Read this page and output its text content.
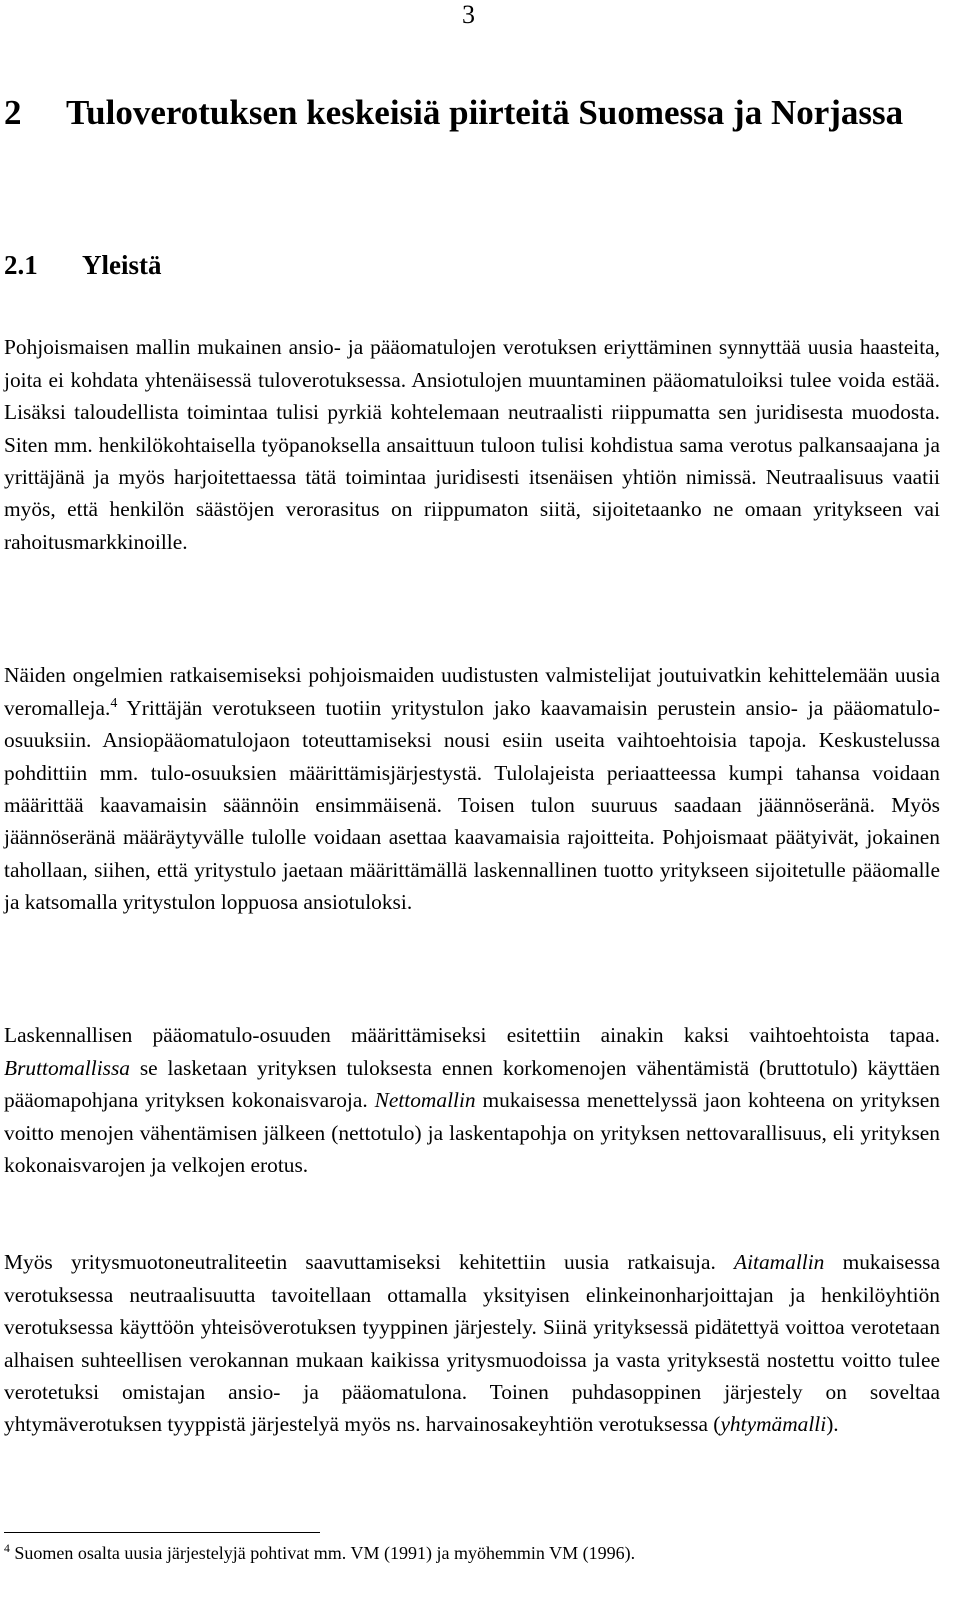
3
2 Tuloverotuksen keskeisiä piirteitä Suomessa ja Norjassa
2.1 Yleistä

Pohjoismaisen mallin mukainen ansio- ja pääomatulojen verotuksen eriyttäminen synnyttää uusia haasteita, joita ei kohdata yhtenäisessä tuloverotuksessa. Ansiotulojen muuntaminen pääomatuloiksi tulee voida estää. Lisäksi taloudellista toimintaa tulisi pyrkiä kohtelemaan neutraalisti riippumatta sen juridisesta muodosta. Siten mm. henkilökohtaisella työpanoksella ansaittuun tuloon tulisi kohdistua sama verotus palkansaajana ja yrittäjänä ja myös harjoitettaessa tätä toimintaa juridisesti itsenäisen yhtiön nimissä. Neutraalisuus vaatii myös, että henkilön säästöjen verorasitus on riippumaton siitä, sijoitetaanko ne omaan yritykseen vai rahoitusmarkkinoille.

Näiden ongelmien ratkaisemiseksi pohjoismaiden uudistusten valmistelijat joutuivatkin kehittelemään uusia veromalleja.$^4$ Yrittäjän verotukseen tuotiin yritystulon jako kaavamaisin perustein ansio- ja pääomatulo-osuuksiin. Ansiopääomatulojaon toteuttamiseksi nousi esiin useita vaihtoehtoisia tapoja. Keskustelussa pohdittiin mm. tulo-osuuksien määrittämisjärjestystä. Tulolajeista periaatteessa kumpi tahansa voidaan määrittää kaavamaisin säännöin ensimmäisenä. Toisen tulon suuruus saadaan jäännöseränä. Myös jäännöseränä määräytyvälle tulolle voidaan asettaa kaavamaisia rajoitteita. Pohjoismaat päätyivät, jokainen tahollaan, siihen, että yritystulo jaetaan määrittämällä laskennallinen tuotto yritykseen sijoitetulle pääomalle ja katsomalla yritystulon loppuosa ansiotuloksi.

Laskennallisen pääomatulo-osuuden määrittämiseksi esitettiin ainakin kaksi vaihtoehtoista tapaa. Bruttomallissa se lasketaan yrityksen tuloksesta ennen korkomenojen vähentämistä (bruttotulo) käyttäen pääomapohjana yrityksen kokonaisvaroja. Nettomallin mukaisessa menettelyssä jaon kohteena on yrityksen voitto menojen vähentämisen jälkeen (nettotulo) ja laskentapohja on yrityksen nettovarallisuus, eli yrityksen kokonaisvarojen ja velkojen erotus.

Myös yritysmuotoneutraliteetin saavuttamiseksi kehitettiin uusia ratkaisuja. Aitamallin mukaisessa verotuksessa neutraalisuutta tavoitellaan ottamalla yksityisen elinkeinonharjoittajan ja henkilöyhtiön verotuksessa käyttöön yhteisöverotuksen tyyppinen järjestely. Siinä yrityksessä pidätettyä voittoa verotetaan alhaisen suhteellisen verokannan mukaan kaikissa yritysmuodoissa ja vasta yrityksestä nostettu voitto tulee verotetuksi omistajan ansio- ja pääomatulona. Toinen puhdasoppinen järjestely on soveltaa yhtymäverotuksen tyyppistä järjestelyä myös ns. harvainosakeyhtiön verotuksessa (yhtymämalli).

$^4$ Suomen osalta uusia järjestelyjä pohtivat mm. VM (1991) ja myöhemmin VM (1996).
